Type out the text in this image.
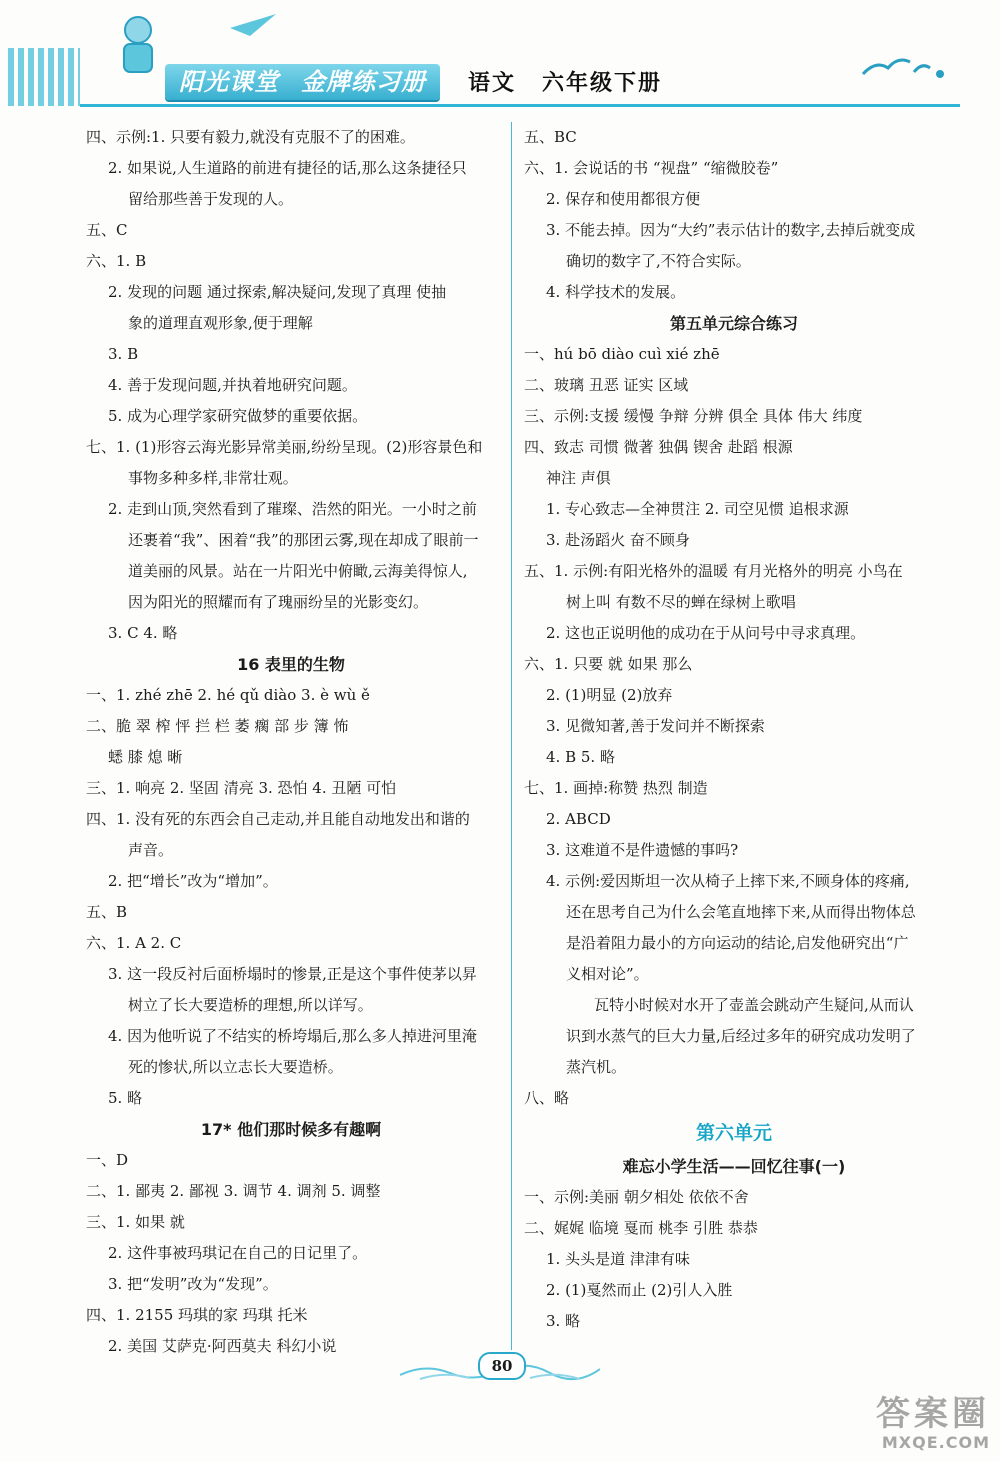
阳光课堂 金牌练习册	语文 六年级下册
四、示例:1. 只要有毅力,就没有克服不了的困难。
2. 如果说,人生道路的前进有捷径的话,那么这条捷径只
留给那些善于发现的人。
五、C
六、1. B
2. 发现的问题 通过探索,解决疑问,发现了真理 使抽
象的道理直观形象,便于理解
3. B
4. 善于发现问题,并执着地研究问题。
5. 成为心理学家研究做梦的重要依据。
七、1. (1)形容云海光影异常美丽,纷纷呈现。(2)形容景色和
事物多种多样,非常壮观。
2. 走到山顶,突然看到了璀璨、浩然的阳光。一小时之前
还裹着“我”、困着“我”的那团云雾,现在却成了眼前一
道美丽的风景。站在一片阳光中俯瞰,云海美得惊人,
因为阳光的照耀而有了瑰丽纷呈的光影变幻。
3. C 4. 略
16 表里的生物
一、1. zhé zhē 2. hé qǔ diào 3. è wù ě
二、脆 翠 榨 怦 拦 栏 萎 瘸 部 步 簿 怖
蟋 膝 熄 晰
三、1. 响亮 2. 坚固 清亮 3. 恐怕 4. 丑陋 可怕
四、1. 没有死的东西会自己走动,并且能自动地发出和谐的
声音。
2. 把“增长”改为“增加”。
五、B
六、1. A 2. C
3. 这一段反衬后面桥塌时的惨景,正是这个事件使茅以昇
树立了长大要造桥的理想,所以详写。
4. 因为他听说了不结实的桥垮塌后,那么多人掉进河里淹
死的惨状,所以立志长大要造桥。
5. 略
17* 他们那时候多有趣啊
一、D
二、1. 鄙夷 2. 鄙视 3. 调节 4. 调剂 5. 调整
三、1. 如果 就
2. 这件事被玛琪记在自己的日记里了。
3. 把“发明”改为“发现”。
四、1. 2155 玛琪的家 玛琪 托米
2. 美国 艾萨克·阿西莫夫 科幻小说
五、BC
六、1. 会说话的书 “视盘” “缩微胶卷”
2. 保存和使用都很方便
3. 不能去掉。因为“大约”表示估计的数字,去掉后就变成
确切的数字了,不符合实际。
4. 科学技术的发展。
第五单元综合练习
一、hú bō diào cuì xié zhē
二、玻璃 丑恶 证实 区域
三、示例:支援 缓慢 争辩 分辨 俱全 具体 伟大 纬度
四、致志 司惯 微著 独偶 锲舍 赴蹈 根源
神注 声俱
1. 专心致志—全神贯注 2. 司空见惯 追根求源
3. 赴汤蹈火 奋不顾身
五、1. 示例:有阳光格外的温暖 有月光格外的明亮 小鸟在
树上叫 有数不尽的蝉在绿树上歌唱
2. 这也正说明他的成功在于从问号中寻求真理。
六、1. 只要 就 如果 那么
2. (1)明显 (2)放弃
3. 见微知著,善于发问并不断探索
4. B 5. 略
七、1. 画掉:称赞 热烈 制造
2. ABCD
3. 这难道不是件遗憾的事吗?
4. 示例:爱因斯坦一次从椅子上摔下来,不顾身体的疼痛,
还在思考自己为什么会笔直地摔下来,从而得出物体总
是沿着阻力最小的方向运动的结论,启发他研究出“广
义相对论”。
瓦特小时候对水开了壶盖会跳动产生疑问,从而认
识到水蒸气的巨大力量,后经过多年的研究成功发明了
蒸汽机。
八、略
第六单元
难忘小学生活——回忆往事(一)
一、示例:美丽 朝夕相处 依依不舍
二、娓娓 临境 戛而 桃李 引胜 恭恭
1. 头头是道 津津有味
2. (1)戛然而止 (2)引人入胜
3. 略
80
答案圈
MXQE.COM
